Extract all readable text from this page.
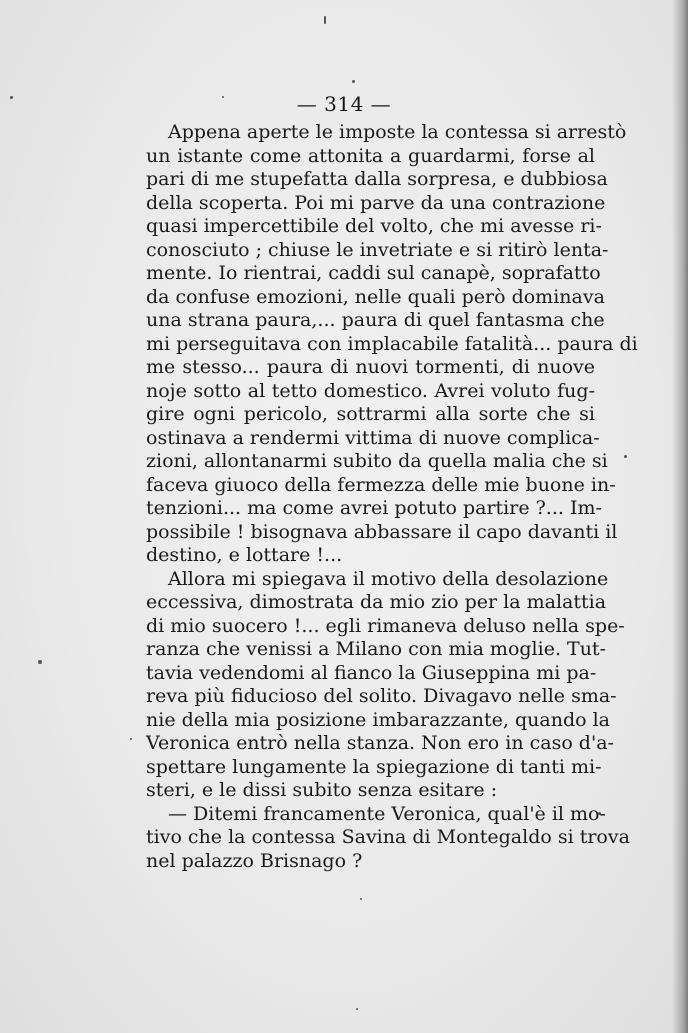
— 314 —
Appena aperte le imposte la contessa si arrestò
un istante come attonita a guardarmi, forse al
pari di me stupefatta dalla sorpresa, e dubbiosa
della scoperta. Poi mi parve da una contrazione
quasi impercettibile del volto, che mi avesse ri-
conosciuto ; chiuse le invetriate e si ritirò lenta-
mente. Io rientrai, caddi sul canapè, soprafatto
da confuse emozioni, nelle quali però dominava
una strana paura,... paura di quel fantasma che
mi perseguitava con implacabile fatalità... paura di
me stesso... paura di nuovi tormenti, di nuove
noje sotto al tetto domestico. Avrei voluto fug-
gire ogni pericolo, sottrarmi alla sorte che si
ostinava a rendermi vittima di nuove complica-
zioni, allontanarmi subito da quella malia che si
faceva giuoco della fermezza delle mie buone in-
tenzioni... ma come avrei potuto partire ?... Im-
possibile ! bisognava abbassare il capo davanti il
destino, e lottare !...
Allora mi spiegava il motivo della desolazione
eccessiva, dimostrata da mio zio per la malattia
di mio suocero !... egli rimaneva deluso nella spe-
ranza che venissi a Milano con mia moglie. Tut-
tavia vedendomi al fianco la Giuseppina mi pa-
reva più fiducioso del solito. Divagavo nelle sma-
nie della mia posizione imbarazzante, quando la
Veronica entrò nella stanza. Non ero in caso d'a-
spettare lungamente la spiegazione di tanti mi-
steri, e le dissi subito senza esitare :
— Ditemi francamente Veronica, qual'è il mo-
tivo che la contessa Savina di Montegaldo si trova
nel palazzo Brisnago ?
